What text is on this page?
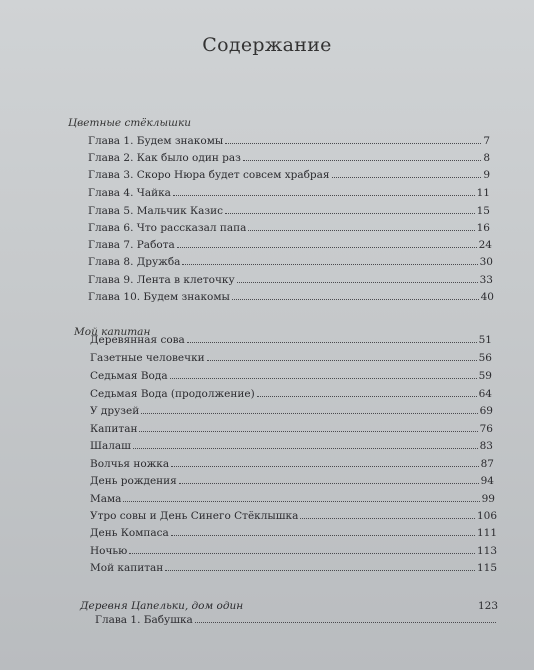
Содержание
Цветные стёклышки
Глава 1. Будем знакомы	7
Глава 2. Как было один раз	8
Глава 3. Скоро Нюра будет совсем храбрая	9
Глава 4. Чайка	11
Глава 5. Мальчик Казис	15
Глава 6. Что рассказал папа	16
Глава 7. Работа	24
Глава 8. Дружба	30
Глава 9. Лента в клеточку	33
Глава 10. Будем знакомы	40
Мой капитан
Деревянная сова	51
Газетные человечки	56
Седьмая Вода	59
Седьмая Вода (продолжение)	64
У друзей	69
Капитан	76
Шалаш	83
Волчья ножка	87
День рождения	94
Мама	99
Утро совы и День Синего Стёклышка	106
День Компаса	111
Ночью	113
Мой капитан	115
Деревня Цапельки, дом один	123
Глава 1. Бабушка
